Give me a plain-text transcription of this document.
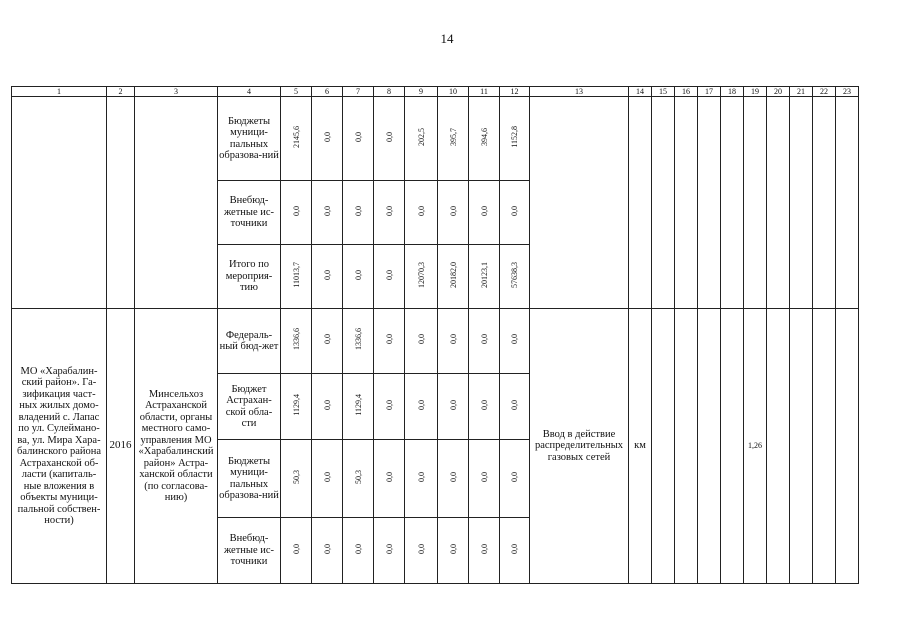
14
1	2	3	4	5	6	7	8	9	10	11	12	13	14	15	16	17	18	19	20	21	22	23
			Бюджеты муници-пальных образова-ний	2145,6	0,0	0,0	0,0	202,5	395,7	394,6	1152,8											
			Внебюд-жетные ис-точники	0,0	0,0	0,0	0,0	0,0	0,0	0,0	0,0											
			Итого по мероприя-тию	11013,7	0,0	0,0	0,0	12070,3	20182,0	20123,1	57638,3											
МО «Харабалин-ский район». Га-зификация част-ных жилых домо-владений с. Лапас по ул. Сулеймано-ва, ул. Мира Хара-балинского района Астраханской об-ласти (капиталь-ные вложения в объекты муници-пальной собствен-ности)	2016	Минсельхоз Астраханской области, органы местного само-управления МО «Харабалинский район» Астра-ханской области (по согласова-нию)	Федераль-ный бюд-жет	1336,6	0,0	1336,6	0,0	0,0	0,0	0,0	0,0	Ввод в действие распределительных газовых сетей	км					1,26				
			Бюджет Астрахан-ской обла-сти	1129,4	0,0	1129,4	0,0	0,0	0,0	0,0	0,0											
			Бюджеты муници-пальных образова-ний	50,3	0,0	50,3	0,0	0,0	0,0	0,0	0,0											
			Внебюд-жетные ис-точники	0,0	0,0	0,0	0,0	0,0	0,0	0,0	0,0											
